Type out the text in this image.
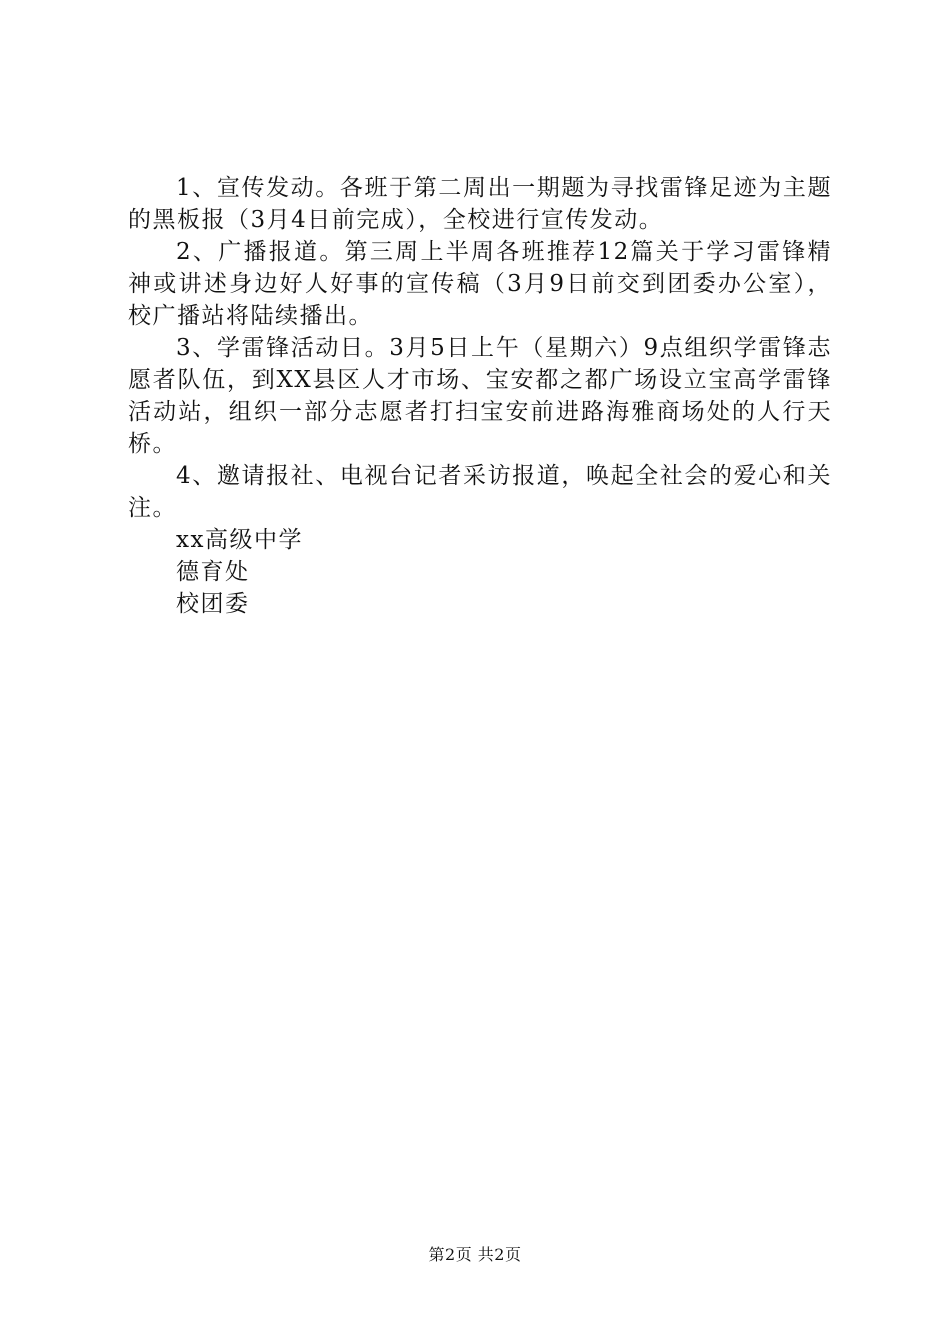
1、宣传发动。各班于第二周出一期题为寻找雷锋足迹为主题的黑板报（3月4日前完成），全校进行宣传发动。

2、广播报道。第三周上半周各班推荐12篇关于学习雷锋精神或讲述身边好人好事的宣传稿（3月9日前交到团委办公室），校广播站将陆续播出。

3、学雷锋活动日。3月5日上午（星期六）9点组织学雷锋志愿者队伍，到XX县区人才市场、宝安都之都广场设立宝高学雷锋活动站，组织一部分志愿者打扫宝安前进路海雅商场处的人行天桥。

4、邀请报社、电视台记者采访报道，唤起全社会的爱心和关注。

xx高级中学

德育处

校团委

第2页 共2页
